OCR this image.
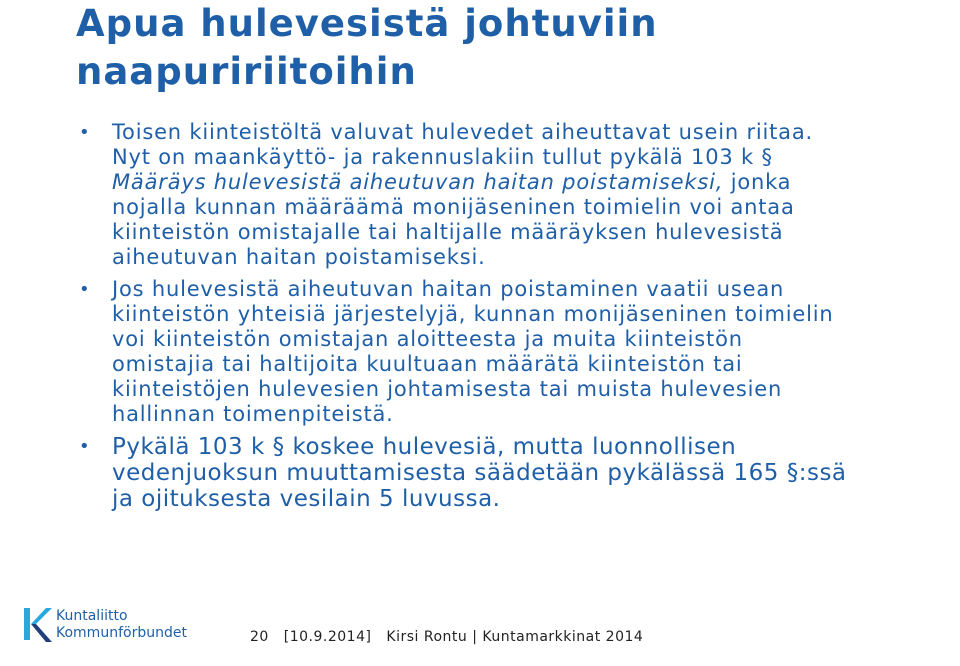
Apua hulevesistä johtuviin naapuririitoihin
•	Toisen kiinteistöltä valuvat hulevedet aiheuttavat usein riitaa. Nyt on maankäyttö- ja rakennuslakiin tullut pykälä 103 k § Määräys hulevesistä aiheutuvan haitan poistamiseksi, jonka nojalla kunnan määräämä monijäseninen toimielin voi antaa kiinteistön omistajalle tai haltijalle määräyksen hulevesistä aiheutuvan haitan poistamiseksi.
•	Jos hulevesistä aiheutuvan haitan poistaminen vaatii usean kiinteistön yhteisiä järjestelyjä, kunnan monijäseninen toimielin voi kiinteistön omistajan aloitteesta ja muita kiinteistön omistajia tai haltijoita kuultuaan määrätä kiinteistön tai kiinteistöjen hulevesien johtamisesta tai muista hulevesien hallinnan toimenpiteistä.
• Pykälä 103 k § koskee hulevesiä, mutta luonnollisen vedenjuoksun muuttamisesta säädetään pykälässä 165 §:ssä ja ojituksesta vesilain 5 luvussa.
Kuntaliitto
Kommunförbundet	20 [10.9.2014] Kirsi Rontu | Kuntamarkkinat 2014
